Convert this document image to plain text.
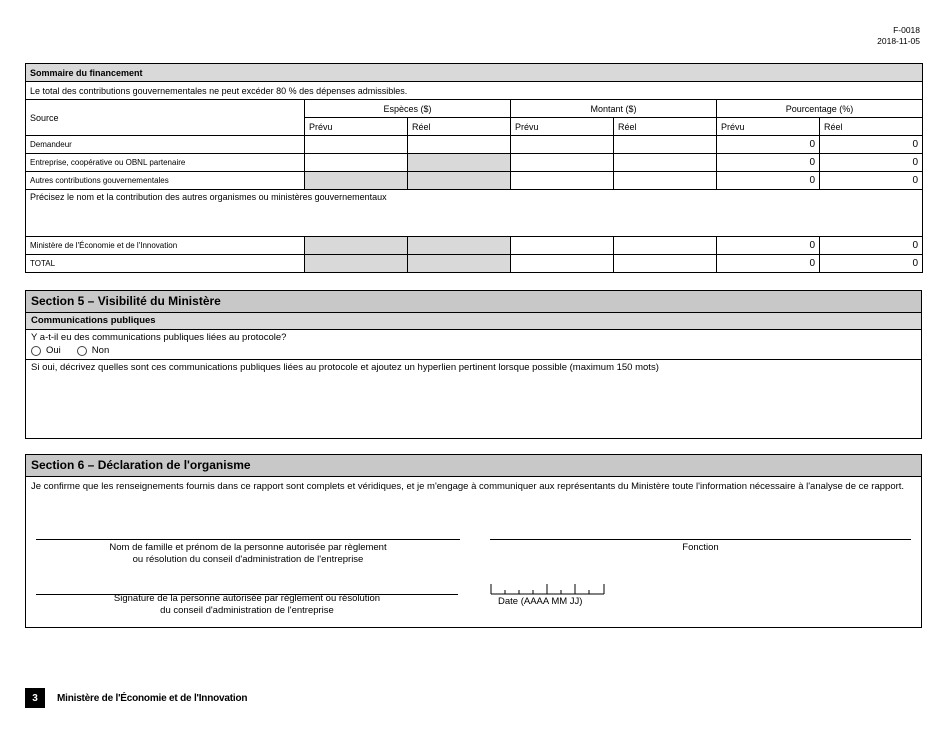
F-0018
2018-11-05
Sommaire du financement						
Le total des contributions gouvernementales ne peut excéder 80 % des dépenses admissibles.						
Source	Espèces ($)		Montant ($)		Pourcentage (%)	
	Prévu	Réel	Prévu	Réel	Prévu	Réel
Demandeur					0	0
Entreprise, coopérative ou OBNL partenaire					0	0
Autres contributions gouvernementales					0	0
Précisez le nom et la contribution des autres organismes ou ministères gouvernementaux						
Ministère de l'Économie et de l'Innovation					0	0
TOTAL					0	0
Section 5 – Visibilité du Ministère
Communications publiques
Y a-t-il eu des communications publiques liées au protocole?
Oui	Non
Si oui, décrivez quelles sont ces communications publiques liées au protocole et ajoutez un hyperlien pertinent lorsque possible (maximum 150 mots)
Section 6 – Déclaration de l'organisme
Je confirme que les renseignements fournis dans ce rapport sont complets et véridiques, et je m'engage à communiquer aux représentants du Ministère toute l'information nécessaire à l'analyse de ce rapport.
Nom de famille et prénom de la personne autorisée par règlement
ou résolution du conseil d'administration de l'entreprise
Fonction
Signature de la personne autorisée par règlement ou résolution
du conseil d'administration de l'entreprise
Date (AAAA MM JJ)
3	Ministère de l'Économie et de l'Innovation
